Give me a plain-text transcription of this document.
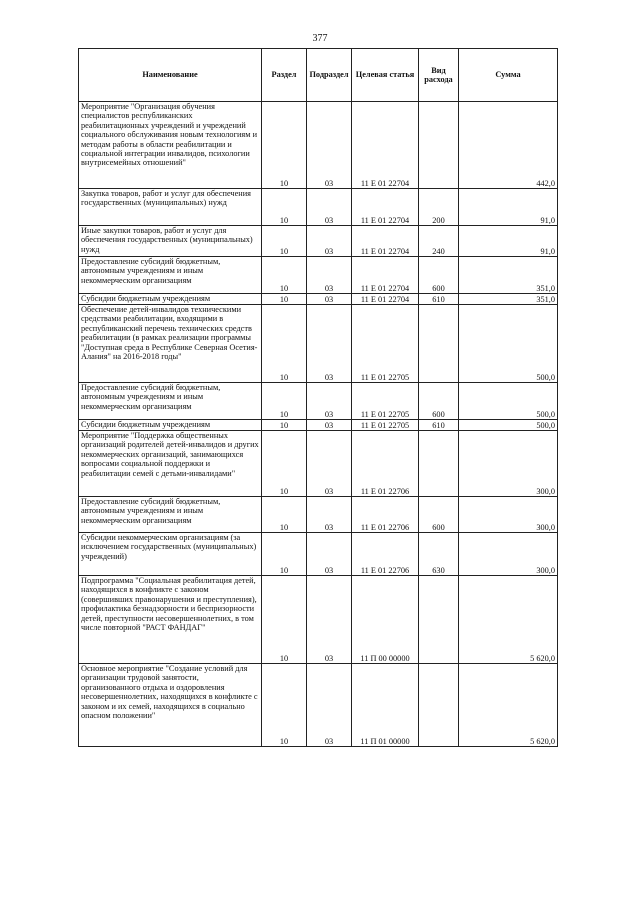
377
Наименование	Раздел	Подраздел	Целевая статья	Вид расхода	Сумма
Мероприятие "Организация обучения специалистов республиканских реабилитационных учреждений и учреждений социального обслуживания новым технологиям и методам работы в области реабилитации и социальной интеграции инвалидов, психологии внутрисемейных отношений"	10	03	11 Е 01 22704		442,0
Закупка товаров, работ и услуг для обеспечения государственных (муниципальных) нужд	10	03	11 Е 01 22704	200	91,0
Иные закупки товаров, работ и услуг для обеспечения государственных (муниципальных) нужд	10	03	11 Е 01 22704	240	91,0
Предоставление субсидий бюджетным, автономным учреждениям и иным некоммерческим организациям	10	03	11 Е 01 22704	600	351,0
Субсидии бюджетным учреждениям	10	03	11 Е 01 22704	610	351,0
Обеспечение детей-инвалидов техническими средствами реабилитации, входящими в республиканский перечень технических средств реабилитации (в рамках реализации программы "Доступная среда в Республике Северная Осетия-Алания" на 2016-2018 годы"	10	03	11 Е 01 22705		500,0
Предоставление субсидий бюджетным, автономным учреждениям и иным некоммерческим организациям	10	03	11 Е 01 22705	600	500,0
Субсидии бюджетным учреждениям	10	03	11 Е 01 22705	610	500,0
Мероприятие "Поддержка общественных организаций родителей детей-инвалидов и других некоммерческих организаций, занимающихся вопросами социальной поддержки и реабилитации семей с детьми-инвалидами"	10	03	11 Е 01 22706		300,0
Предоставление субсидий бюджетным, автономным учреждениям и иным некоммерческим организациям	10	03	11 Е 01 22706	600	300,0
Субсидии некоммерческим организациям (за исключением государственных (муниципальных) учреждений)	10	03	11 Е 01 22706	630	300,0
Подпрограмма "Социальная реабилитация детей, находящихся в конфликте с законом (совершивших правонарушения и преступления), профилактика безнадзорности и беспризорности детей, преступности несовершеннолетних, в том числе повторной "РАСТ ФАНДАГ"	10	03	11 П 00 00000		5 620,0
Основное мероприятие "Создание условий для организации трудовой занятости, организованного отдыха и оздоровления несовершеннолетних, находящихся в конфликте с законом и их семей, находящихся в социально опасном положении"	10	03	11 П 01 00000		5 620,0
